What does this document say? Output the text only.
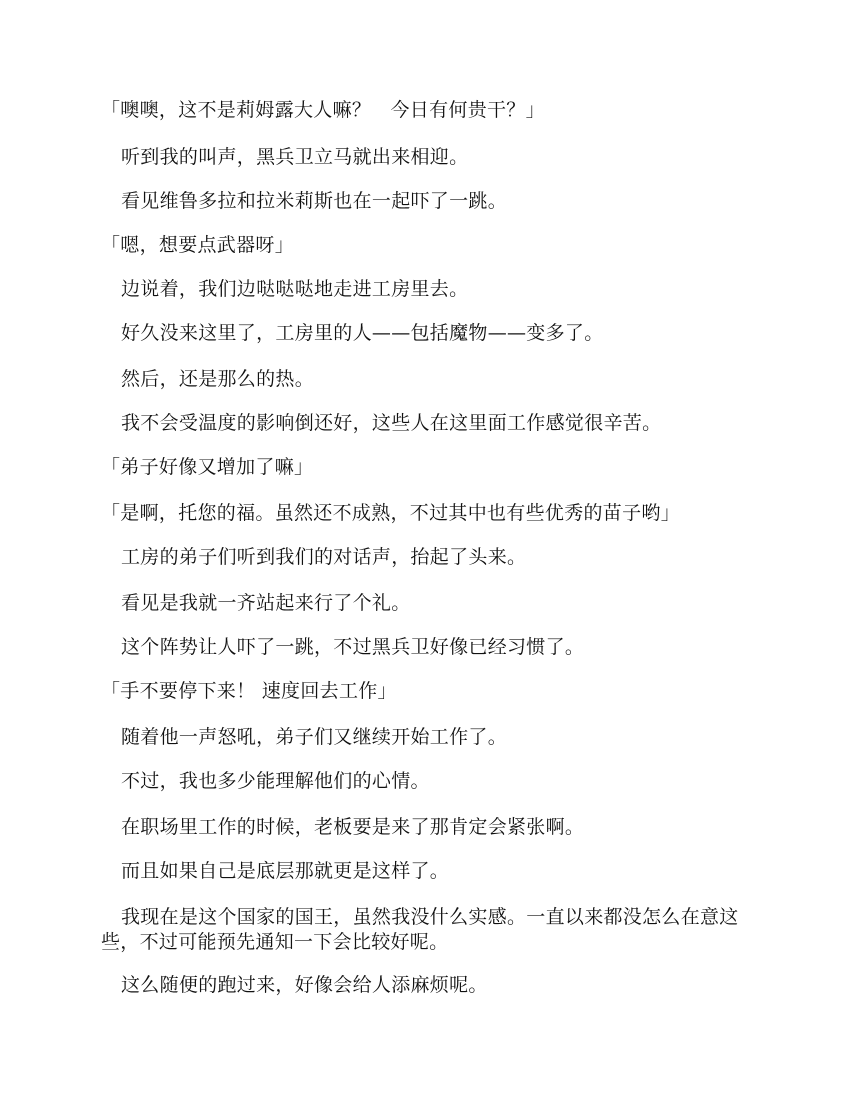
「噢噢，这不是莉姆露大人嘛？　今日有何贵干？」

听到我的叫声，黑兵卫立马就出来相迎。

看见维鲁多拉和拉米莉斯也在一起吓了一跳。

「嗯，想要点武器呀」

边说着，我们边哒哒哒地走进工房里去。

好久没来这里了，工房里的人——包括魔物——变多了。

然后，还是那么的热。

我不会受温度的影响倒还好，这些人在这里面工作感觉很辛苦。

「弟子好像又增加了嘛」

「是啊，托您的福。虽然还不成熟，不过其中也有些优秀的苗子哟」

工房的弟子们听到我们的对话声，抬起了头来。

看见是我就一齐站起来行了个礼。

这个阵势让人吓了一跳，不过黑兵卫好像已经习惯了。

「手不要停下来！ 速度回去工作」

随着他一声怒吼，弟子们又继续开始工作了。

不过，我也多少能理解他们的心情。

在职场里工作的时候，老板要是来了那肯定会紧张啊。

而且如果自己是底层那就更是这样了。

我现在是这个国家的国王，虽然我没什么实感。一直以来都没怎么在意这些，不过可能预先通知一下会比较好呢。

这么随便的跑过来，好像会给人添麻烦呢。
